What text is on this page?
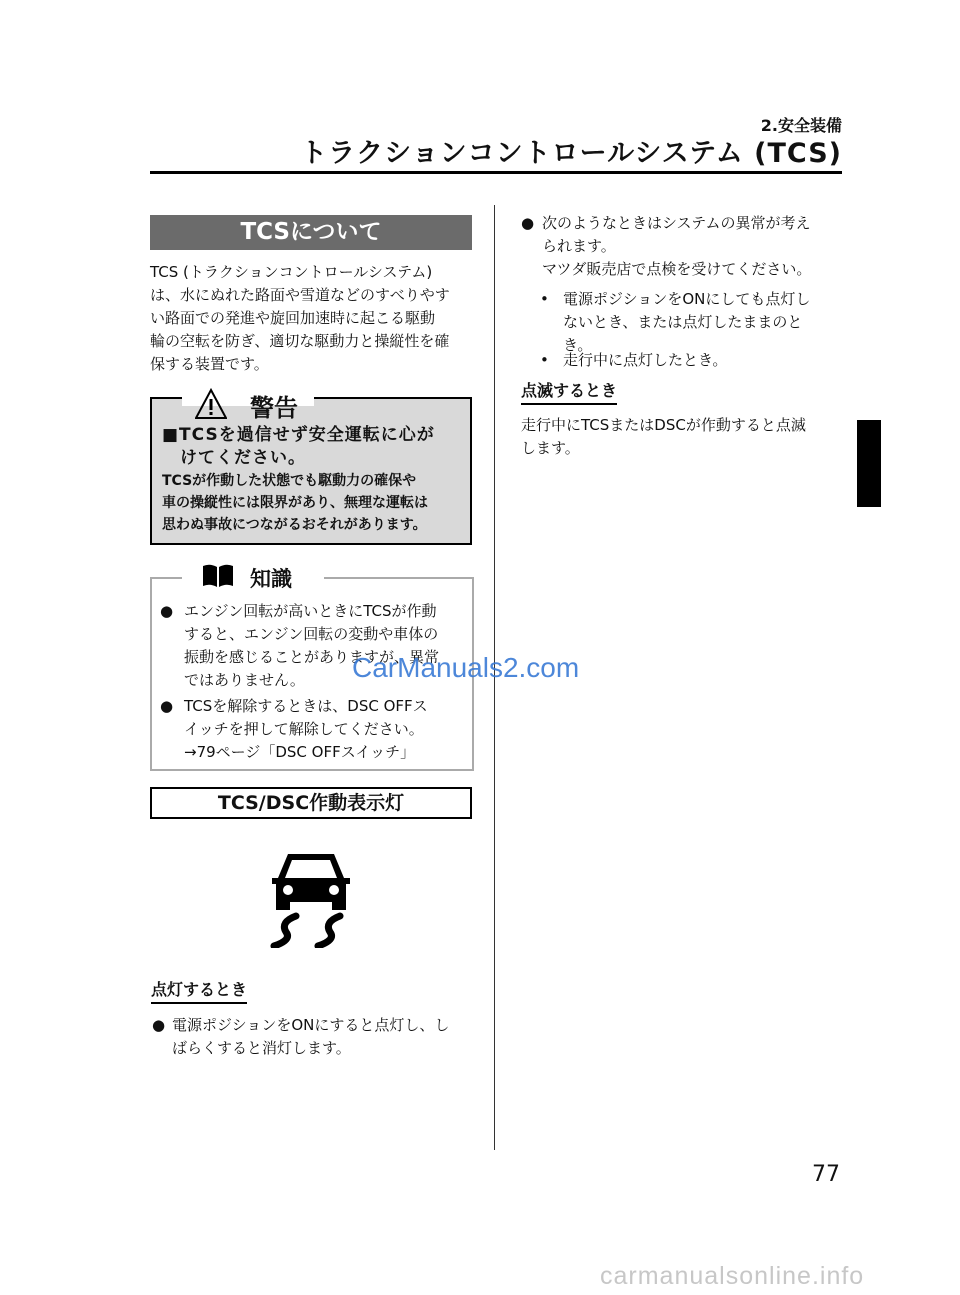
2.安全装備
トラクションコントロールシステム (TCS)
TCSについて
TCS (トラクションコントロールシステム)
は、水にぬれた路面や雪道などのすべりやす
い路面での発進や旋回加速時に起こる駆動
輪の空転を防ぎ、適切な駆動力と操縦性を確
保する装置です。
警告
■TCSを過信せず安全運転に心が
　けてください。
TCSが作動した状態でも駆動力の確保や
車の操縦性には限界があり、無理な運転は
思わぬ事故につながるおそれがあります。
知識
● エンジン回転が高いときにTCSが作動
すると、エンジン回転の変動や車体の
振動を感じることがありますが、異常
ではありません。
● TCSを解除するときは、DSC OFFス
イッチを押して解除してください。
→79ページ「DSC OFFスイッチ」
CarManuals2.com
TCS/DSC作動表示灯
点灯するとき
● 電源ポジションをONにすると点灯し、し
ばらくすると消灯します。
● 次のようなときはシステムの異常が考え
られます。
マツダ販売店で点検を受けてください。
• 電源ポジションをONにしても点灯し
ないとき、または点灯したままのと
き。
• 走行中に点灯したとき。
点滅するとき
走行中にTCSまたはDSCが作動すると点滅
します。
77
carmanualsonline.info
